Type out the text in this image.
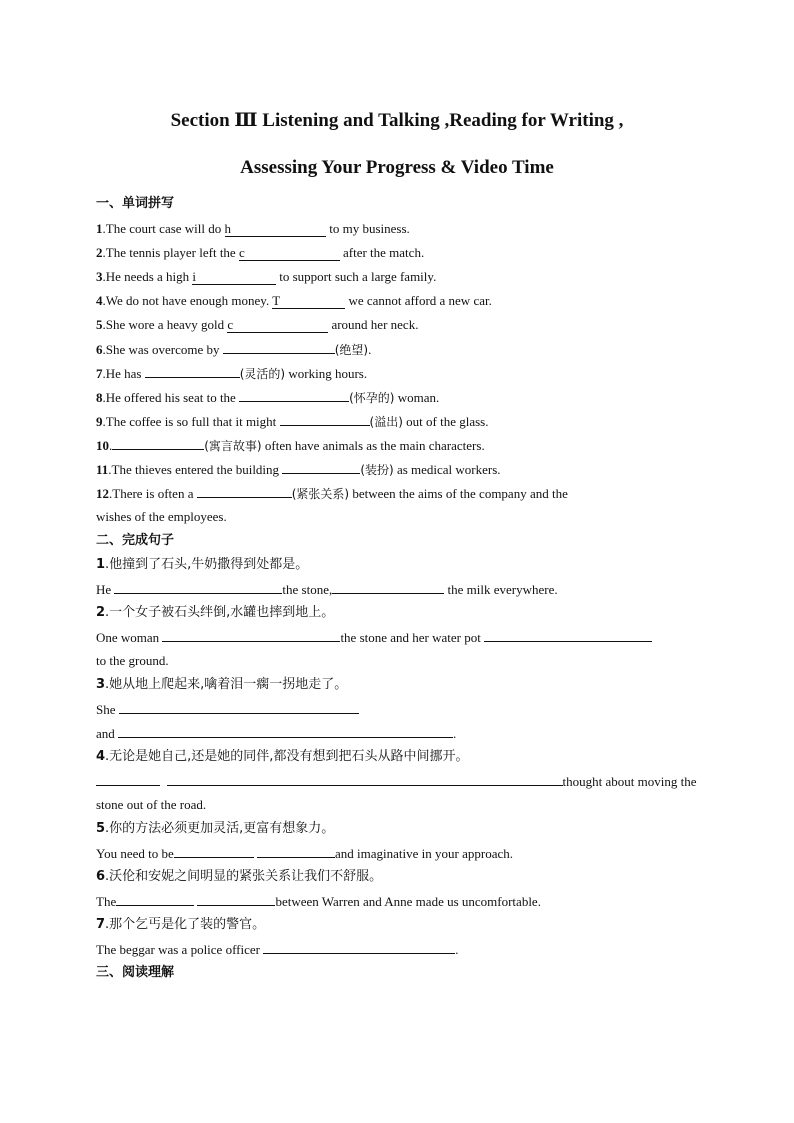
Section Ⅲ Listening and Talking ,Reading for Writing ,
Assessing Your Progress & Video Time
一、单词拼写
1.The court case will do h	to my business.
2.The tennis player left the c	after the match.
3.He needs a high i	to support such a large family.
4.We do not have enough money. T	we cannot afford a new car.
5.She wore a heavy gold c	around her neck.
6.She was overcome by	(绝望).
7.He has	(灵活的) working hours.
8.He offered his seat to the	(怀孕的) woman.
9.The coffee is so full that it might	(溢出) out of the glass.
10.	(寓言故事) often have animals as the main characters.
11.The thieves entered the building	(装扮) as medical workers.
12.There is often a	(紧张关系) between the aims of the company and the
wishes of the employees.
二、完成句子
1.他撞到了石头,牛奶撒得到处都是。
He	the stone,	the milk everywhere.
2.一个女子被石头绊倒,水罐也摔到地上。
One woman	the stone and her water pot
to the ground.
3.她从地上爬起来,噙着泪一瘸一拐地走了。
She
and	.
4.无论是她自己,还是她的同伴,都没有想到把石头从路中间挪开。
thought about moving the
stone out of the road.
5.你的方法必须更加灵活,更富有想象力。
You need to be	and imaginative in your approach.
6.沃伦和安妮之间明显的紧张关系让我们不舒服。
The	between Warren and Anne made us uncomfortable.
7.那个乞丐是化了装的警官。
The beggar was a police officer	.
三、阅读理解
